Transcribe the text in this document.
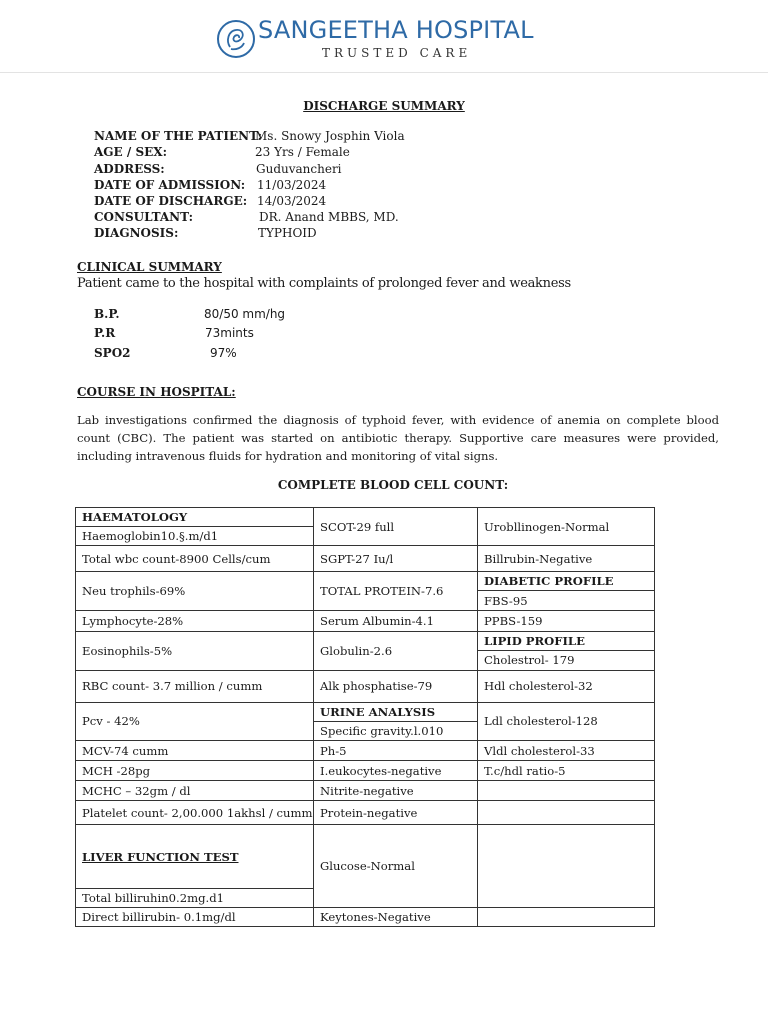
SANGEETHA HOSPITAL
TRUSTED CARE
DISCHARGE SUMMARY
NAME OF THE PATIENT:
Ms. Snowy Josphin Viola
AGE / SEX:	23 Yrs / Female
ADDRESS:	Guduvancheri
DATE OF ADMISSION: 11/03/2024
DATE OF DISCHARGE: 14/03/2024
CONSULTANT:	DR. Anand MBBS, MD.
DIAGNOSIS:	TYPHOID
CLINICAL SUMMARY
Patient came to the hospital with complaints of prolonged fever and weakness
B.P.	80/50 mm/hg
P.R	73mints
SPO2	97%
COURSE IN HOSPITAL:
Lab investigations confirmed the diagnosis of typhoid fever, with evidence of anemia on complete blood count (CBC). The patient was started on antibiotic therapy. Supportive care measures were provided, including intravenous fluids for hydration and monitoring of vital signs.
COMPLETE BLOOD CELL COUNT:
HAEMATOLOGY	SCOT-29 full	Urobllinogen-Normal
Haemoglobin10.§.m/d1		
Total wbc count-8900 Cells/cum	SGPT-27 Iu/l	Billrubin-Negative
Neu trophils-69%	TOTAL PROTEIN-7.6	DIABETIC PROFILE
		FBS-95
Lymphocyte-28%	Serum Albumin-4.1	PPBS-159
Eosinophils-5%	Globulin-2.6	LIPID PROFILE
		Cholestrol- 179
RBC count- 3.7 million / cumm	Alk phosphatise-79	Hdl cholesterol-32
Pcv - 42%	URINE ANALYSIS	Ldl cholesterol-128
	Specific gravity.l.010	
MCV-74 cumm	Ph-5	Vldl cholesterol-33
MCH -28pg	I.eukocytes-negative	T.c/hdl ratio-5
MCHC – 32gm / dl	Nitrite-negative	
Platelet count- 2,00.000 1akhsl / cumm	Protein-negative	
LIVER FUNCTION TEST	Glucose-Normal	
Total billiruhin0.2mg.d1		
Direct billirubin- 0.1mg/dl	Keytones-Negative	
